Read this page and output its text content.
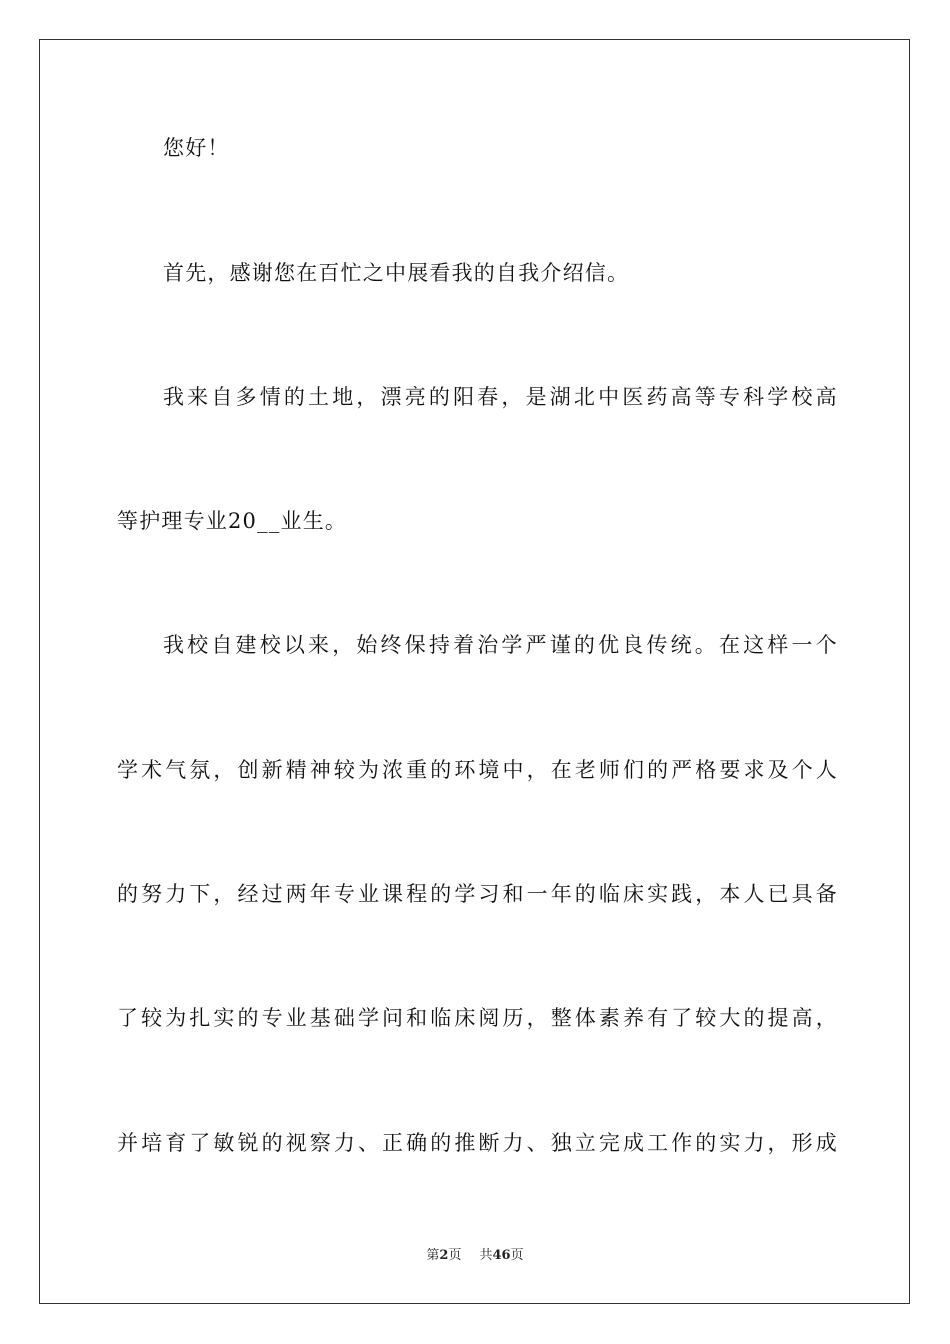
您好！
首先，感谢您在百忙之中展看我的自我介绍信。
我 来 自 多 情 的 土 地 ， 漂 亮 的 阳 春 ， 是 湖 北 中 医 药 高 等 专 科 学 校 高
等护理专业20__业生。
我 校 自 建 校 以 来 ， 始 终 保 持 着 治 学 严 谨 的 优 良 传 统 。 在 这 样 一 个
学 术 气 氛 ， 创 新 精 神 较 为 浓 重 的 环 境 中 ， 在 老 师 们 的 严 格 要 求 及 个 人
的 努 力 下 ， 经 过 两 年 专 业 课 程 的 学 习 和 一 年 的 临 床 实 践 ， 本 人 已 具 备
了 较 为 扎 实 的 专 业 基 础 学 问 和 临 床 阅 历 ， 整 体 素 养 有 了 较 大 的 提 高 ，
并 培 育 了 敏 锐 的 视 察 力 、 正 确 的 推 断 力 、 独 立 完 成 工 作 的 实 力 ， 形 成
第2页 共46页
